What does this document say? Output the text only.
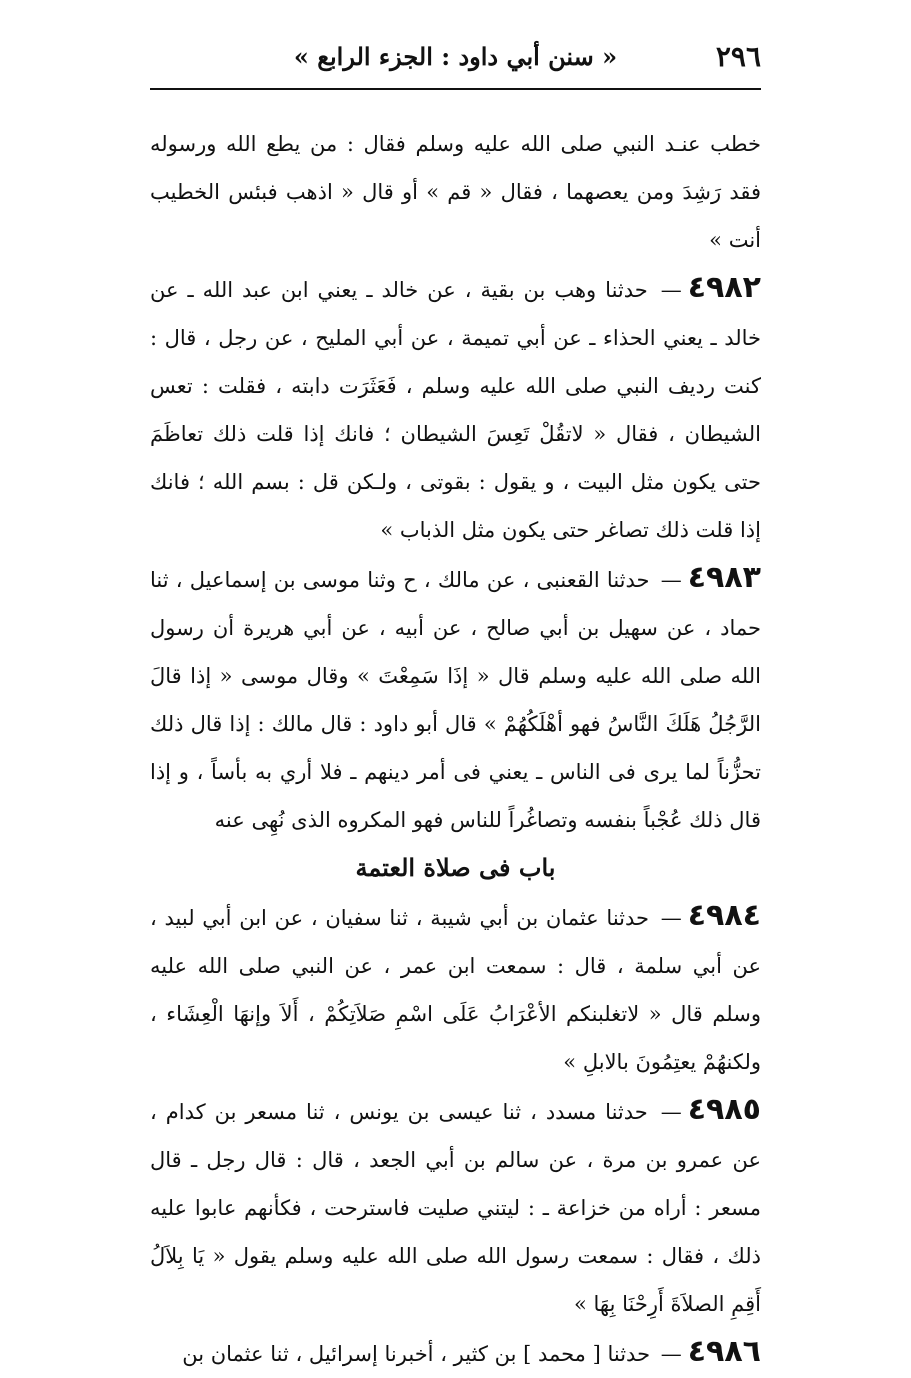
٢٩٦
« سنن أبي داود : الجزء الرابع »

خطب عنـد النبي صلى الله عليه وسلم فقال : من يطع الله ورسوله فقد رَشِدَ ومن يعصهما ، فقال « قم » أو قال « اذهب فبئس الخطيب أنت »

٤٩٨٢— حدثنا وهب بن بقية ، عن خالد ـ يعني ابن عبد الله ـ عن خالد ـ يعني الحذاء ـ عن أبي تميمة ، عن أبي المليح ، عن رجل ، قال : كنت رديف النبي صلى الله عليه وسلم ، فَعَثَرَت دابته ، فقلت : تعس الشيطان ، فقال « لاتقُلْ تَعِسَ الشيطان ؛ فانك إذا قلت ذلك تعاظَمَ حتى يكون مثل البيت ، و يقول : بقوتى ، ولـكن قل : بسم الله ؛ فانك إذا قلت ذلك تصاغر حتى يكون مثل الذباب »

٤٩٨٣— حدثنا القعنبى ، عن مالك ، ح وثنا موسى بن إسماعيل ، ثنا حماد ، عن سهيل بن أبي صالح ، عن أبيه ، عن أبي هريرة أن رسول الله صلى الله عليه وسلم قال « إذَا سَمِعْتَ » وقال موسى « إذا قالَ الرَّجُلُ هَلَكَ النَّاسُ فهو أهْلَكُهُمْ » قال أبو داود : قال مالك : إذا قال ذلك تحزُّناً لما يرى فى الناس ـ يعني فى أمر دينهم ـ فلا أري به بأساً ، و إذا قال ذلك عُجْباً بنفسه وتصاغُراً للناس فهو المكروه الذى نُهِى عنه

باب فى صلاة العتمة

٤٩٨٤— حدثنا عثمان بن أبي شيبة ، ثنا سفيان ، عن ابن أبي لبيد ، عن أبي سلمة ، قال : سمعت ابن عمر ، عن النبي صلى الله عليه وسلم قال « لاتغلبنكم الأعْرَابُ عَلَى اسْمِ صَلاَتِكُمْ ، أَلاَ وإنهَا الْعِشَاء ، ولكنهُمْ يعتِمُونَ بالابلِ »

٤٩٨٥— حدثنا مسدد ، ثنا عيسى بن يونس ، ثنا مسعر بن كدام ، عن عمرو بن مرة ، عن سالم بن أبي الجعد ، قال : قال رجل ـ قال مسعر : أراه من خزاعة ـ : ليتني صليت فاسترحت ، فكأنهم عابوا عليه ذلك ، فقال : سمعت رسول الله صلى الله عليه وسلم يقول « يَا بِلاَلُ أَقِمِ الصلاَةَ أَرِحْنَا بِهَا »

٤٩٨٦— حدثنا [ محمد ] بن كثير ، أخبرنا إسرائيل ، ثنا عثمان بن
